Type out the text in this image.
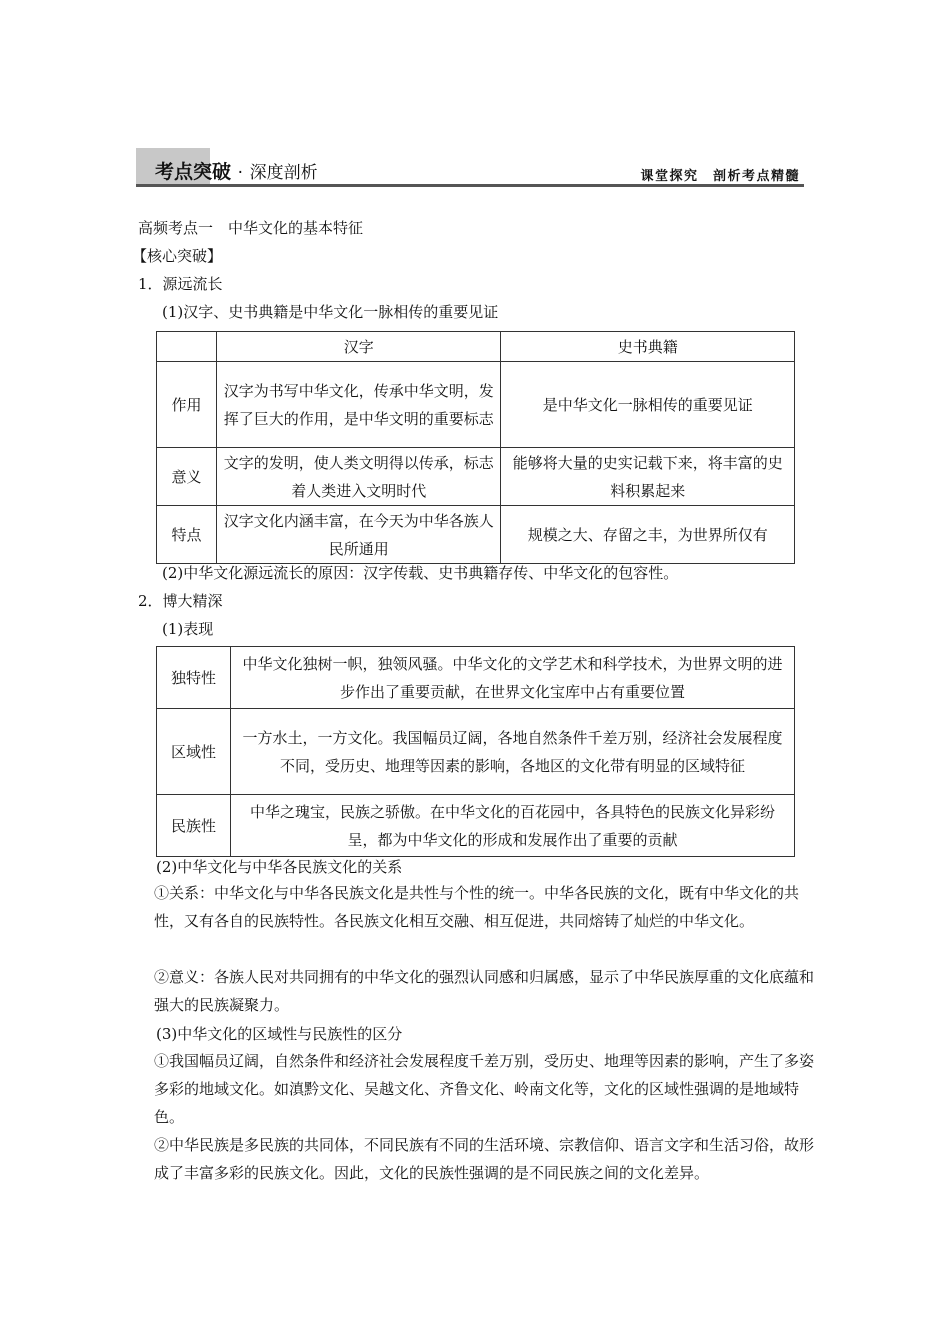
考点突破 · 深度剖析	课堂探究　剖析考点精髓
高频考点一　中华文化的基本特征
【核心突破】
1．源远流长
(1)汉字、史书典籍是中华文化一脉相传的重要见证
	汉字	史书典籍
作用	汉字为书写中华文化，传承中华文明，发挥了巨大的作用，是中华文明的重要标志	是中华文化一脉相传的重要见证
意义	文字的发明，使人类文明得以传承，标志着人类进入文明时代	能够将大量的史实记载下来，将丰富的史料积累起来
特点	汉字文化内涵丰富，在今天为中华各族人民所通用	规模之大、存留之丰，为世界所仅有
(2)中华文化源远流长的原因：汉字传载、史书典籍存传、中华文化的包容性。
2．博大精深
(1)表现
独特性	中华文化独树一帜，独领风骚。中华文化的文学艺术和科学技术，为世界文明的进步作出了重要贡献，在世界文化宝库中占有重要位置
区域性	一方水土，一方文化。我国幅员辽阔，各地自然条件千差万别，经济社会发展程度不同，受历史、地理等因素的影响，各地区的文化带有明显的区域特征
民族性	中华之瑰宝，民族之骄傲。在中华文化的百花园中，各具特色的民族文化异彩纷呈，都为中华文化的形成和发展作出了重要的贡献
(2)中华文化与中华各民族文化的关系
①关系：中华文化与中华各民族文化是共性与个性的统一。中华各民族的文化，既有中华文化的共性，又有各自的民族特性。各民族文化相互交融、相互促进，共同熔铸了灿烂的中华文化。
②意义：各族人民对共同拥有的中华文化的强烈认同感和归属感，显示了中华民族厚重的文化底蕴和强大的民族凝聚力。
(3)中华文化的区域性与民族性的区分
①我国幅员辽阔，自然条件和经济社会发展程度千差万别，受历史、地理等因素的影响，产生了多姿多彩的地域文化。如滇黔文化、吴越文化、齐鲁文化、岭南文化等，文化的区域性强调的是地域特色。
②中华民族是多民族的共同体，不同民族有不同的生活环境、宗教信仰、语言文字和生活习俗，故形成了丰富多彩的民族文化。因此，文化的民族性强调的是不同民族之间的文化差异。
